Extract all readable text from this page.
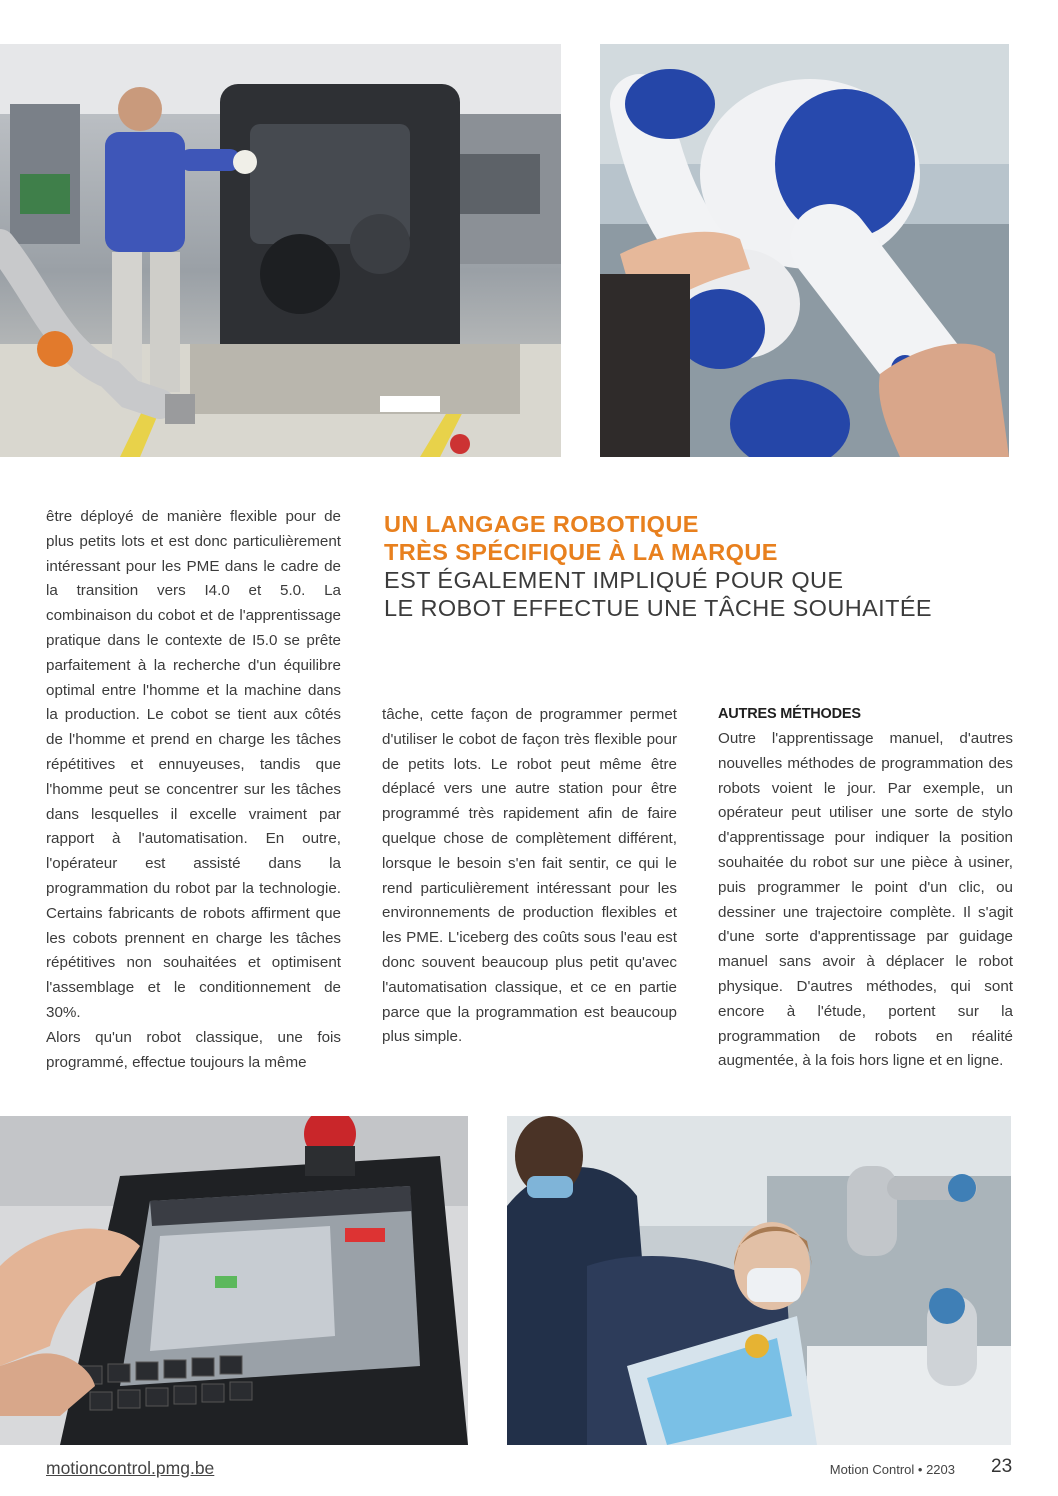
être déployé de manière flexible pour de plus petits lots et est donc particulièrement intéressant pour les PME dans le cadre de la transition vers I4.0 et 5.0. La combinaison du cobot et de l'apprentissage pratique dans le contexte de I5.0 se prête parfaitement à la recherche d'un équilibre optimal entre l'homme et la machine dans la production. Le cobot se tient aux côtés de l'homme et prend en charge les tâches répétitives et ennuyeuses, tandis que l'homme peut se concentrer sur les tâches dans lesquelles il excelle vraiment par rapport à l'automatisation. En outre, l'opérateur est assisté dans la programmation du robot par la technologie. Certains fabricants de robots affirment que les cobots prennent en charge les tâches répétitives non souhaitées et optimisent l'assemblage et le conditionnement de 30%.

Alors qu'un robot classique, une fois programmé, effectue toujours la même

UN LANGAGE ROBOTIQUE
TRÈS SPÉCIFIQUE À LA MARQUE
EST ÉGALEMENT IMPLIQUÉ POUR QUE
LE ROBOT EFFECTUE UNE TÂCHE SOUHAITÉE

tâche, cette façon de programmer permet d'utiliser le cobot de façon très flexible pour de petits lots. Le robot peut même être déplacé vers une autre station pour être programmé très rapidement afin de faire quelque chose de complètement différent, lorsque le besoin s'en fait sentir, ce qui le rend particulièrement intéressant pour les environnements de production flexibles et les PME. L'iceberg des coûts sous l'eau est donc souvent beaucoup plus petit qu'avec l'automatisation classique, et ce en partie parce que la programmation est beaucoup plus simple.

AUTRES MÉTHODES

Outre l'apprentissage manuel, d'autres nouvelles méthodes de programmation des robots voient le jour. Par exemple, un opérateur peut utiliser une sorte de stylo d'apprentissage pour indiquer la position souhaitée du robot sur une pièce à usiner, puis programmer le point d'un clic, ou dessiner une trajectoire complète. Il s'agit d'une sorte d'apprentissage par guidage manuel sans avoir à déplacer le robot physique. D'autres méthodes, qui sont encore à l'étude, portent sur la programmation de robots en réalité augmentée, à la fois hors ligne et en ligne.

motioncontrol.pmg.be	Motion Control • 2203 23
